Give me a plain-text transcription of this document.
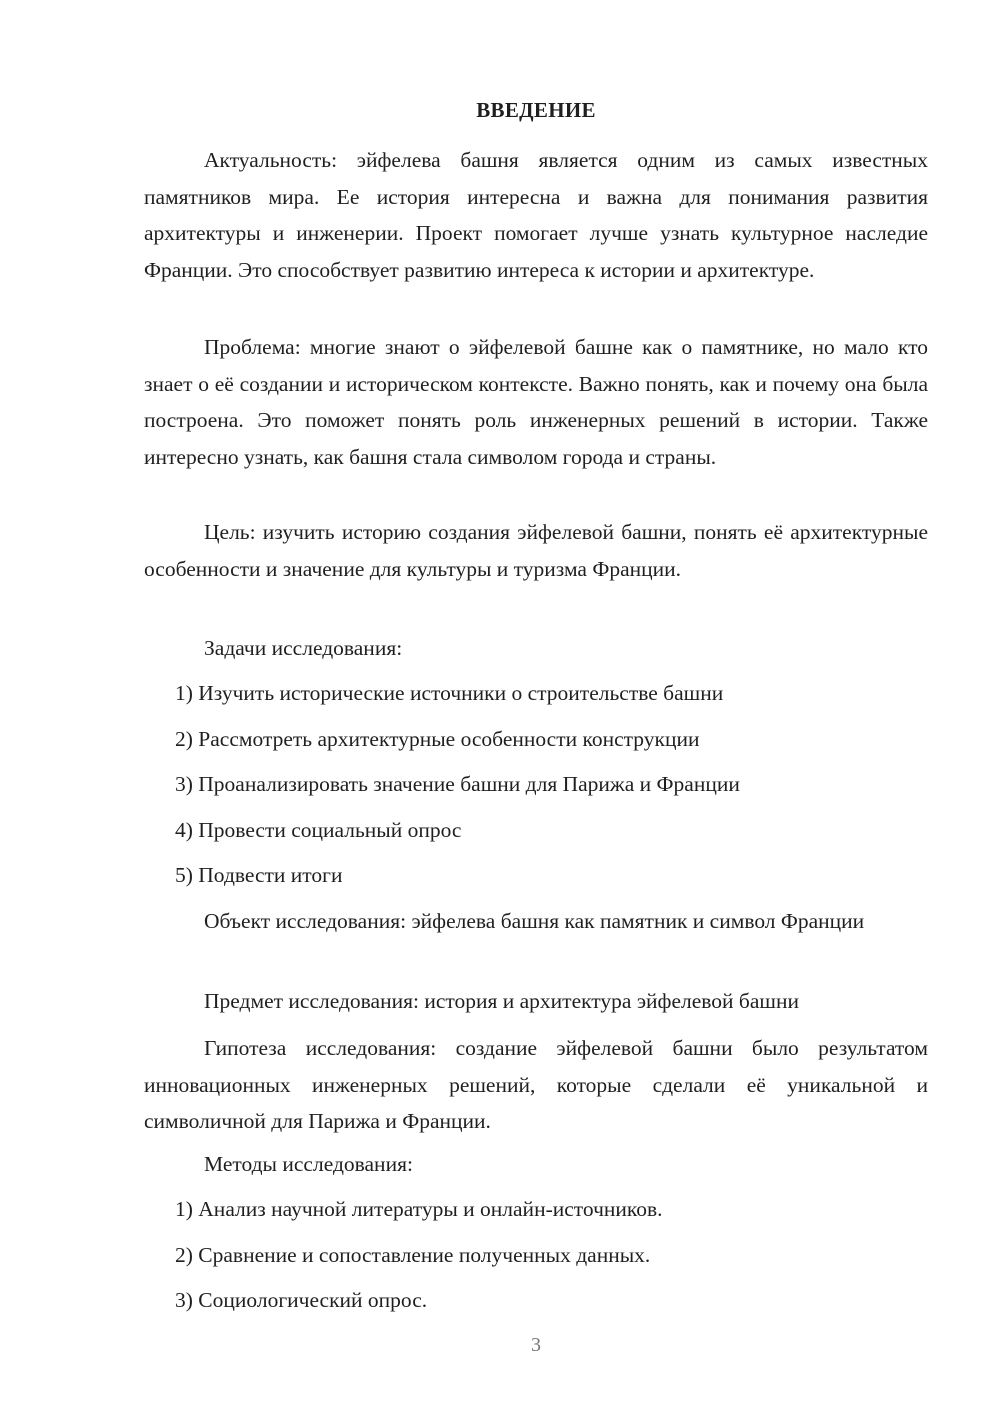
ВВЕДЕНИЕ

Актуальность: эйфелева башня является одним из самых известных памятников мира. Ее история интересна и важна для понимания развития архитектуры и инженерии. Проект помогает лучше узнать культурное наследие Франции. Это способствует развитию интереса к истории и архитектуре.

Проблема: многие знают о эйфелевой башне как о памятнике, но мало кто знает о её создании и историческом контексте. Важно понять, как и почему она была построена. Это поможет понять роль инженерных решений в истории. Также интересно узнать, как башня стала символом города и страны.

Цель: изучить историю создания эйфелевой башни, понять её архитектурные особенности и значение для культуры и туризма Франции.

Задачи исследования:

1) Изучить исторические источники о строительстве башни

2) Рассмотреть архитектурные особенности конструкции

3) Проанализировать значение башни для Парижа и Франции

4) Провести социальный опрос

5) Подвести итоги

Объект исследования: эйфелева башня как памятник и символ Франции

Предмет исследования: история и архитектура эйфелевой башни

Гипотеза исследования: создание эйфелевой башни было результатом инновационных инженерных решений, которые сделали её уникальной и символичной для Парижа и Франции.

Методы исследования:

1) Анализ научной литературы и онлайн-источников.

2) Сравнение и сопоставление полученных данных.

3) Социологический опрос.

3
